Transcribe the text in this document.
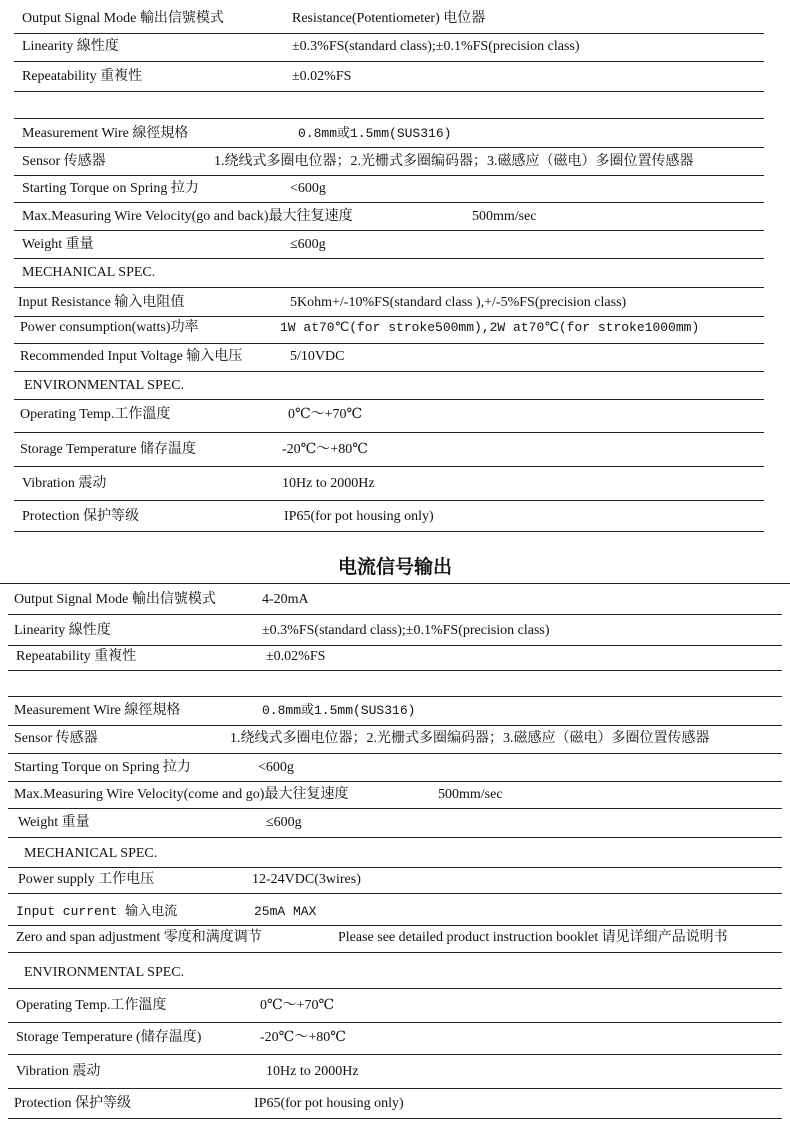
Output Signal Mode 輸出信號模式	Resistance(Potentiometer) 电位器
Linearity 線性度	±0.3%FS(standard class);±0.1%FS(precision class)
Repeatability 重複性	±0.02%FS
Measurement Wire 線徑規格	0.8mm或1.5mm(SUS316)
Sensor 传感器	1.绕线式多圈电位器；2.光栅式多圈编码器；3.磁感应（磁电）多圈位置传感器
Starting Torque on Spring 拉力	<600g
Max.Measuring Wire Velocity(go and back)最大往复速度	500mm/sec
Weight 重量	≤600g
MECHANICAL SPEC.
Input Resistance 输入电阻值	5Kohm+/-10%FS(standard class ),+/-5%FS(precision class)
Power consumption(watts)功率	1W at70℃(for stroke500mm),2W at70℃(for stroke1000mm)
Recommended Input Voltage 输入电压	5/10VDC
ENVIRONMENTAL SPEC.
Operating Temp.工作溫度	0℃～+70℃
Storage Temperature 储存温度	-20℃～+80℃
Vibration 震动	10Hz to 2000Hz
Protection 保护等级	IP65(for pot housing only)
电流信号输出
Output Signal Mode 輸出信號模式	4-20mA
Linearity 線性度	±0.3%FS(standard class);±0.1%FS(precision class)
Repeatability 重複性	±0.02%FS
Measurement Wire 線徑規格	0.8mm或1.5mm(SUS316)
Sensor 传感器	1.绕线式多圈电位器；2.光栅式多圈编码器；3.磁感应（磁电）多圈位置传感器
Starting Torque on Spring 拉力	<600g
Max.Measuring Wire Velocity(come and go)最大往复速度	500mm/sec
Weight 重量	≤600g
MECHANICAL SPEC.
Power supply 工作电压	12-24VDC(3wires)
Input current 输入电流	25mA MAX
Zero and span adjustment 零度和满度调节	Please see detailed product instruction booklet 请见详细产品说明书
ENVIRONMENTAL SPEC.
Operating Temp.工作溫度	0℃～+70℃
Storage Temperature (储存温度)	-20℃～+80℃
Vibration 震动	10Hz to 2000Hz
Protection 保护等级	IP65(for pot housing only)
